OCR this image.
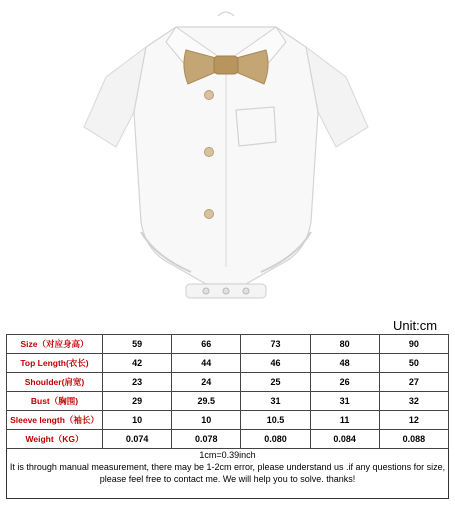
Unit:cm
Size（对应身高）	59	66	73	80	90
Top Length(衣长)	42	44	46	48	50
Shoulder(肩宽)	23	24	25	26	27
Bust（胸围)	29	29.5	31	31	32
Sleeve length（袖长）	10	10	10.5	11	12
Weight（KG）	0.074	0.078	0.080	0.084	0.088
1cm=0.39inch
It is through manual measurement, there may be 1-2cm error, please understand us .if any questions for size, please feel free to contact me. We will help you to solve. thanks!
